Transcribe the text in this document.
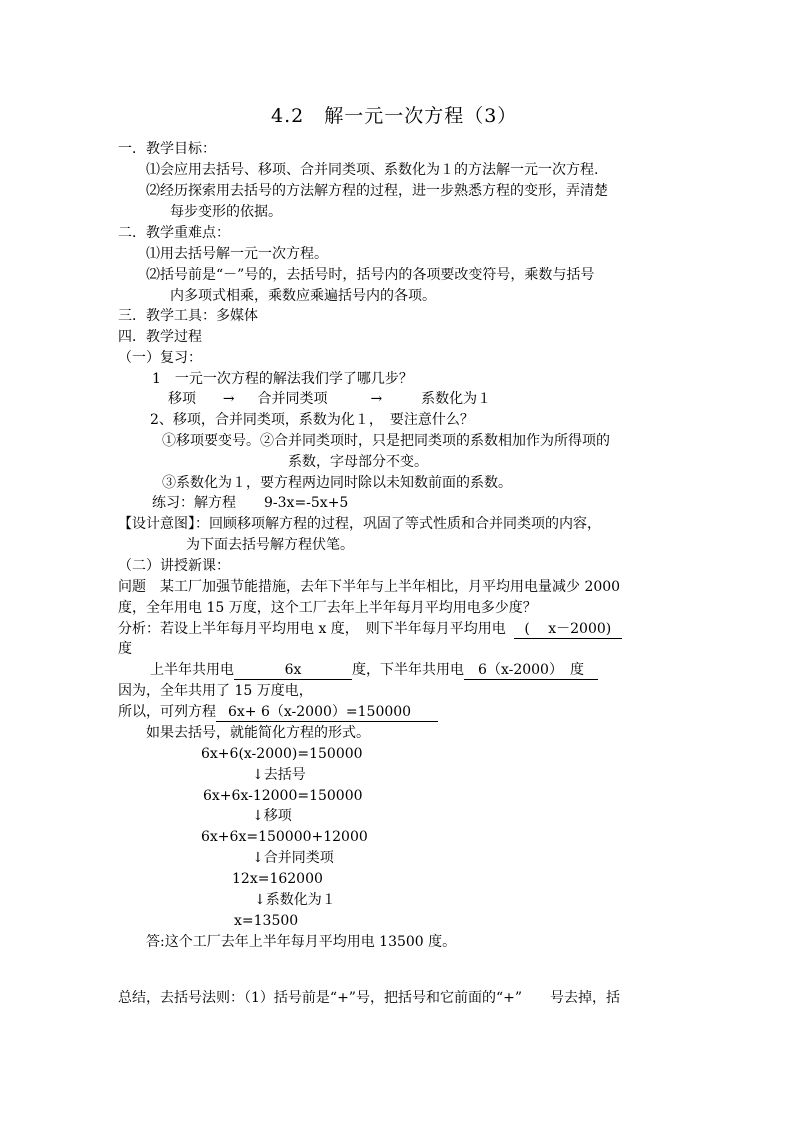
4.2　解一元一次方程（3）
一．教学目标：
⑴会应用去括号、移项、合并同类项、系数化为１的方法解一元一次方程.
⑵经历探索用去括号的方法解方程的过程，进一步熟悉方程的变形，弄清楚
每步变形的依据。
二．教学重难点：
⑴用去括号解一元一次方程。
⑵括号前是“－”号的，去括号时，括号内的各项要改变符号，乘数与括号
内多项式相乘，乘数应乘遍括号内的各项。
三．教学工具：多媒体
四．教学过程
（一）复习：
1　一元一次方程的解法我们学了哪几步？
移项 → 合并同类项	→	系数化为１
2、移项，合并同类项，系数为化１，　要注意什么？
①移项要变号。②合并同类项时，只是把同类项的系数相加作为所得项的
系数，字母部分不变。
③系数化为１，要方程两边同时除以未知数前面的系数。
练习：解方程　　9-3x=-5x+5
【设计意图】：回顾移项解方程的过程，巩固了等式性质和合并同类项的内容，
为下面去括号解方程伏笔。
（二）讲授新课：
问题　某工厂加强节能措施，去年下半年与上半年相比，月平均用电量减少 2000
度，全年用电 15 万度，这个工厂去年上半年每月平均用电多少度？
分析：若设上半年每月平均用电 x 度，　则下半年每月平均用电 (　 x－2000)
度
上半年共用电	6x	度，下半年共用电 6（x-2000）　 度
因为，全年共用了 15 万度电，
所以，可列方程 6x+ 6（x-2000）=150000
如果去括号，就能简化方程的形式。
6x+6(x-2000)=150000
↓去括号
6x+6x-12000=150000
↓移项
6x+6x=150000+12000
↓合并同类项
12x=162000
↓系数化为１
x=13500
答:这个工厂去年上半年每月平均用电 13500 度。
总结，去括号法则：（1）括号前是“+”号，把括号和它前面的“+”　　号去掉，括
